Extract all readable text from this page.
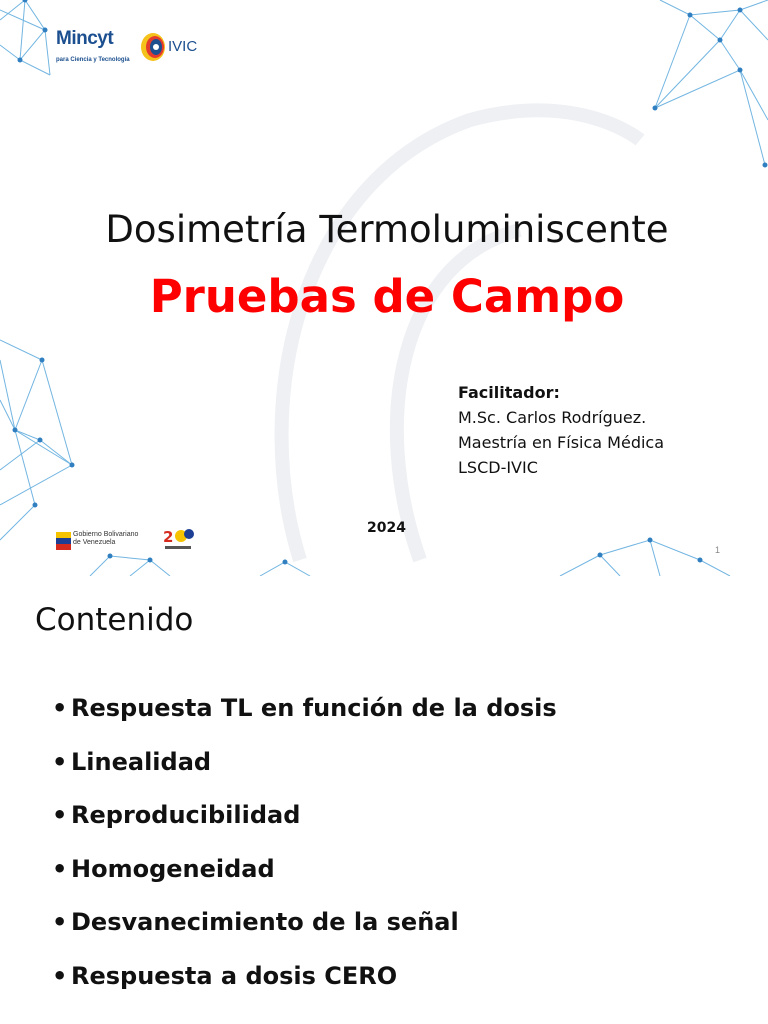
Mincyt
para Ciencia y Tecnología
IVIC
Dosimetría Termoluminiscente
Pruebas de Campo
Facilitador:
M.Sc. Carlos Rodríguez.
Maestría en Física Médica
LSCD-IVIC
2024
1
Gobierno Bolivariano
de Venezuela	2
Contenido
• Respuesta TL en función de la dosis
• Linealidad
• Reproducibilidad
• Homogeneidad
• Desvanecimiento de la señal
• Respuesta a dosis CERO
